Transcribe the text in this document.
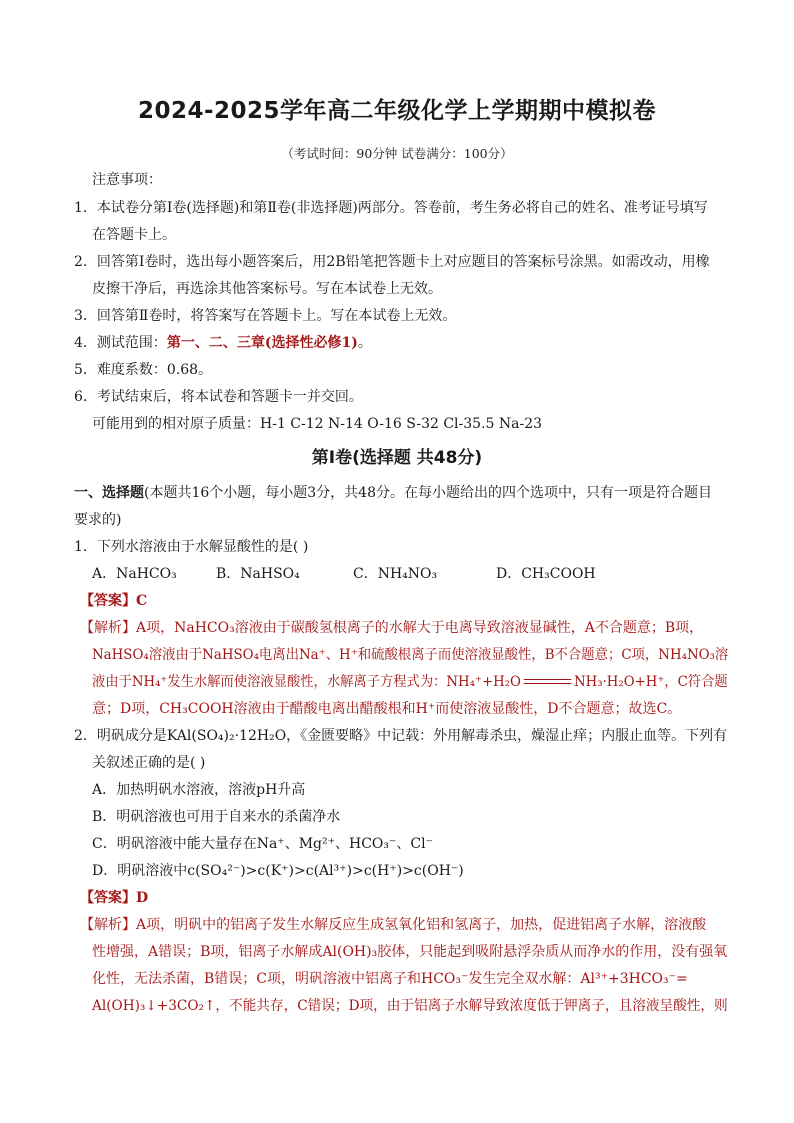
2024-2025学年高二年级化学上学期期中模拟卷
（考试时间：90分钟 试卷满分：100分）
注意事项：
1．本试卷分第Ⅰ卷(选择题)和第Ⅱ卷(非选择题)两部分。答卷前，考生务必将自己的姓名、准考证号填写
在答题卡上。
2．回答第Ⅰ卷时，选出每小题答案后，用2B铅笔把答题卡上对应题目的答案标号涂黑。如需改动，用橡
皮擦干净后，再选涂其他答案标号。写在本试卷上无效。
3．回答第Ⅱ卷时，将答案写在答题卡上。写在本试卷上无效。
4．测试范围：第一、二、三章(选择性必修1)。
5．难度系数：0.68。
6．考试结束后，将本试卷和答题卡一并交回。
可能用到的相对原子质量：H-1 C-12 N-14 O-16 S-32 Cl-35.5 Na-23
第Ⅰ卷(选择题 共48分)
一、选择题(本题共16个小题，每小题3分，共48分。在每小题给出的四个选项中，只有一项是符合题目
要求的)
1．下列水溶液由于水解显酸性的是( )
A．NaHCO₃	B．NaHSO₄	C．NH₄NO₃	D．CH₃COOH
【答案】C
【解析】A项，NaHCO₃溶液由于碳酸氢根离子的水解大于电离导致溶液显碱性，A不合题意；B项，
NaHSO₄溶液由于NaHSO₄电离出Na⁺、H⁺和硫酸根离子而使溶液显酸性，B不合题意；C项，NH₄NO₃溶
液由于NH₄⁺发生水解而使溶液显酸性，水解离子方程式为：NH₄⁺+H₂O	NH₃·H₂O+H⁺，C符合题
意；D项，CH₃COOH溶液由于醋酸电离出醋酸根和H⁺而使溶液显酸性，D不合题意；故选C。
2．明矾成分是KAl(SO₄)₂·12H₂O，《金匮要略》中记载：外用解毒杀虫，燥湿止痒；内服止血等。下列有
关叙述正确的是( )
A．加热明矾水溶液，溶液pH升高
B．明矾溶液也可用于自来水的杀菌净水
C．明矾溶液中能大量存在Na⁺、Mg²⁺、HCO₃⁻、Cl⁻
D．明矾溶液中c(SO₄²⁻)>c(K⁺)>c(Al³⁺)>c(H⁺)>c(OH⁻)
【答案】D
【解析】A项，明矾中的铝离子发生水解反应生成氢氧化铝和氢离子，加热，促进铝离子水解，溶液酸
性增强，A错误；B项，铝离子水解成Al(OH)₃胶体，只能起到吸附悬浮杂质从而净水的作用，没有强氧
化性，无法杀菌，B错误；C项，明矾溶液中铝离子和HCO₃⁻发生完全双水解：Al³⁺+3HCO₃⁻=
Al(OH)₃↓+3CO₂↑，不能共存，C错误；D项，由于铝离子水解导致浓度低于钾离子，且溶液呈酸性，则
